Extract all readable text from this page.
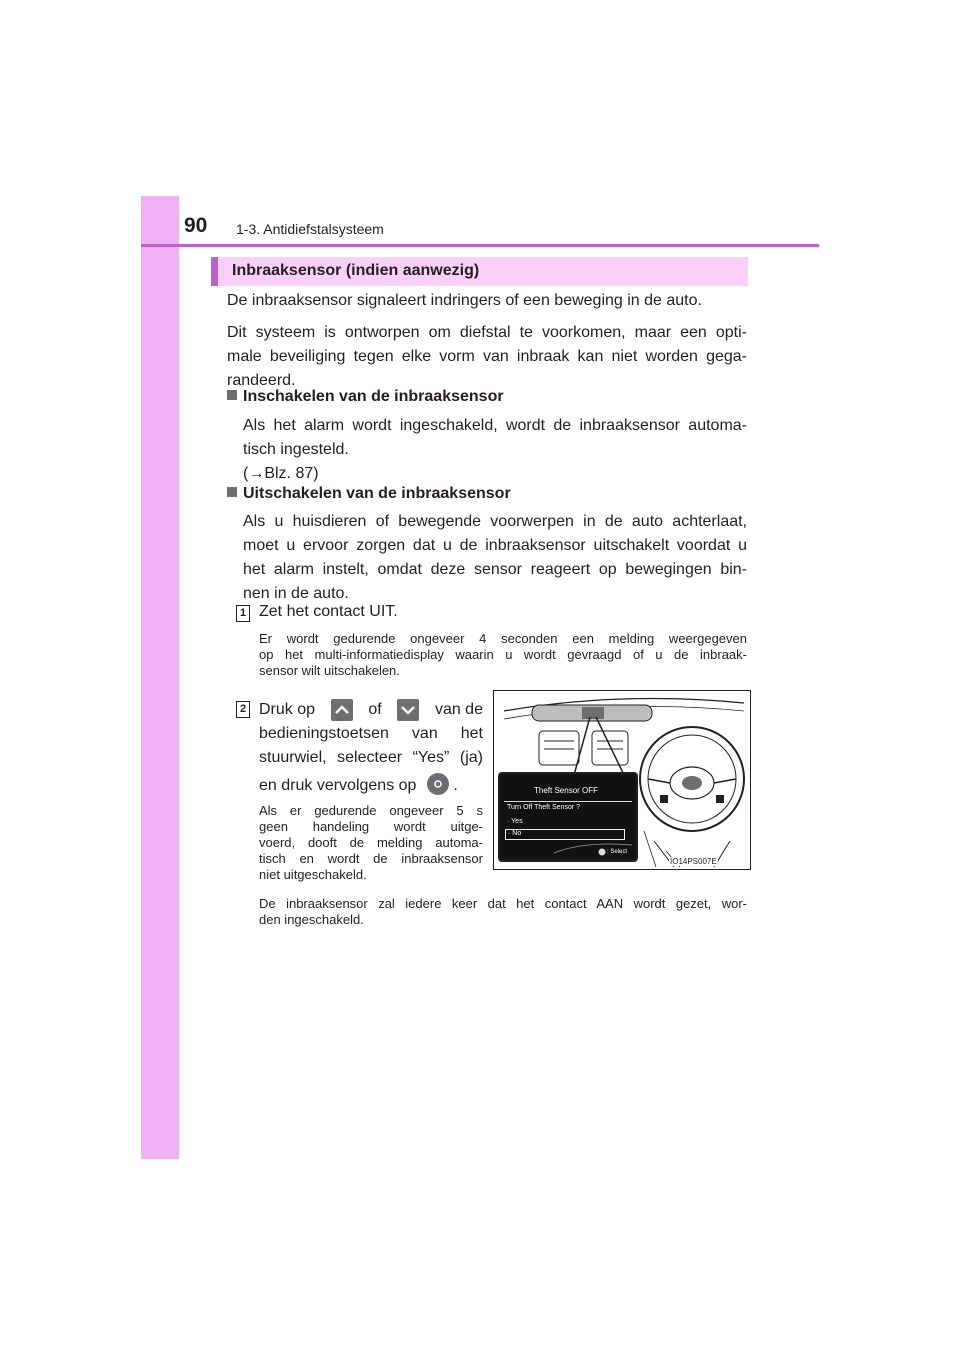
90 1-3. Antidiefstalsysteem
Inbraaksensor (indien aanwezig)

De inbraaksensor signaleert indringers of een beweging in de auto.

Dit systeem is ontworpen om diefstal te voorkomen, maar een opti-

male beveiliging tegen elke vorm van inbraak kan niet worden gega-

randeerd.

Inschakelen van de inbraaksensor

Als het alarm wordt ingeschakeld, wordt de inbraaksensor automa-

tisch ingesteld.

(→Blz. 87)

Uitschakelen van de inbraaksensor

Als u huisdieren of bewegende voorwerpen in de auto achterlaat,

moet u ervoor zorgen dat u de inbraaksensor uitschakelt voordat u

het alarm instelt, omdat deze sensor reageert op bewegingen bin-

nen in de auto.

1 Zet het contact UIT.

Er wordt gedurende ongeveer 4 seconden een melding weergegeven

op het multi-informatiedisplay waarin u wordt gevraagd of u de inbraak-

sensor wilt uitschakelen.

2 Druk op	of	van de

bedieningstoetsen van het

stuurwiel, selecteer “Yes” (ja)

en druk vervolgens op .

Als er gedurende ongeveer 5 s

geen handeling wordt uitge-

voerd, dooft de melding automa-

tisch en wordt de inbraaksensor

niet uitgeschakeld.

Theft Sensor OFF
Turn Off Theft Sensor ?
· Yes
· No
: Select
IO14PS007E

De inbraaksensor zal iedere keer dat het contact AAN wordt gezet, wor-

den ingeschakeld.
